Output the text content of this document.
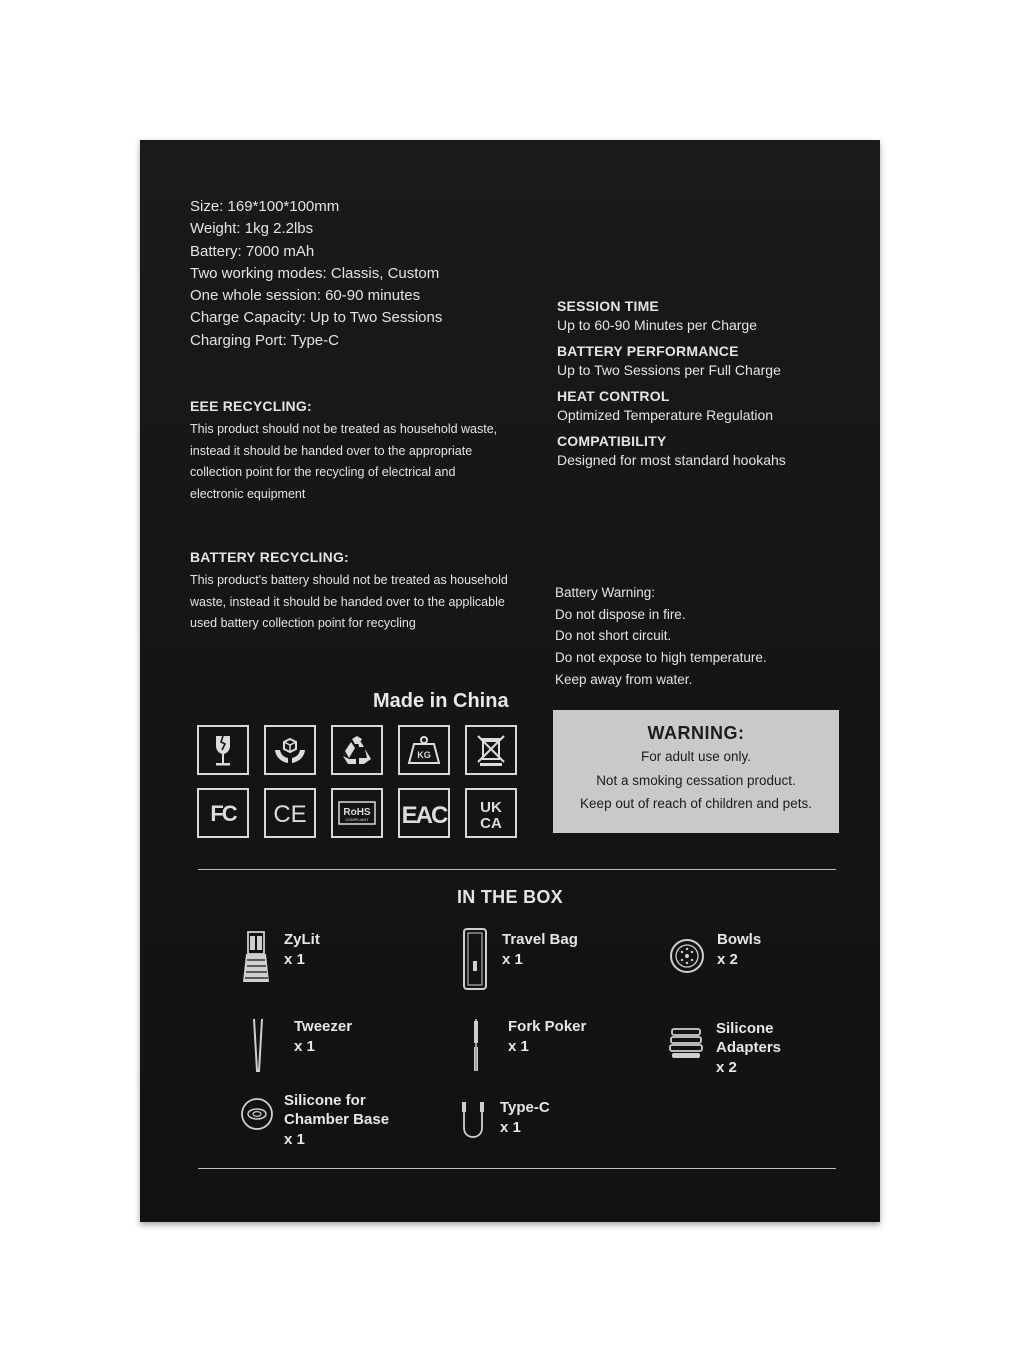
Size: 169*100*100mm
Weight: 1kg 2.2lbs
Battery: 7000 mAh
Two working modes: Classis, Custom
One whole session: 60-90 minutes
Charge Capacity: Up to Two Sessions
Charging Port: Type-C
EEE RECYCLING:
This product should not be treated as household waste, instead it should be handed over to the appropriate collection point for the recycling of electrical and electronic equipment
BATTERY RECYCLING:
This product's battery should not be treated as household waste, instead it should be handed over to the applicable used battery collection point for recycling
SESSION TIME
Up to 60-90 Minutes per Charge
BATTERY PERFORMANCE
Up to Two Sessions per Full Charge
HEAT CONTROL
Optimized Temperature Regulation
COMPATIBILITY
Designed for most standard hookahs
Battery Warning:
Do not dispose in fire.
Do not short circuit.
Do not expose to high temperature.
Keep away from water.
Made in China
KG
FC CE	RoHS
COMPLIANT EAC UK
CA
WARNING:
For adult use only.
Not a smoking cessation product.
Keep out of reach of children and pets.
IN THE BOX
ZyLit
x 1
Travel Bag
x 1
Bowls
x 2
Tweezer
x 1
Fork Poker
x 1
Silicone
Adapters
x 2
Silicone for
Chamber Base
x 1
Type-C
x 1
